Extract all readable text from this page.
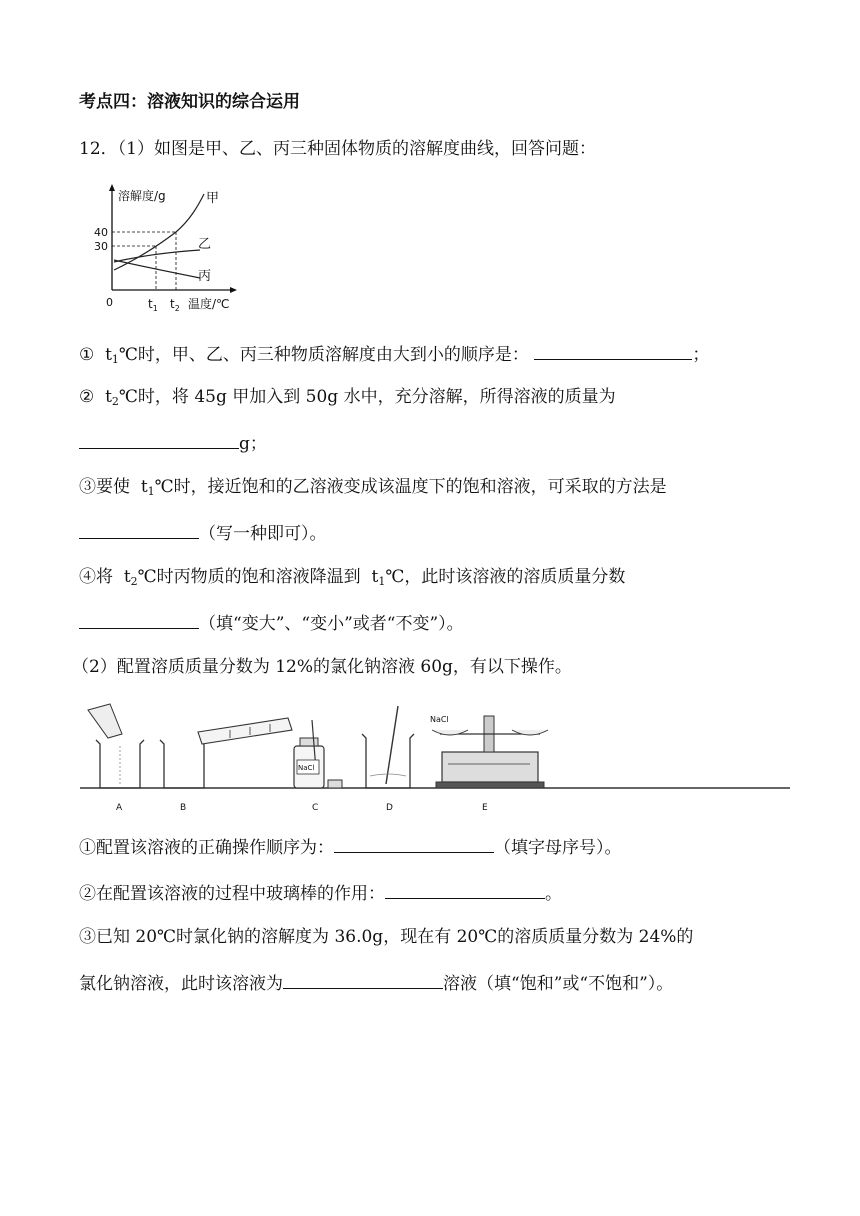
考点四：溶液知识的综合运用
12．（1）如图是甲、乙、丙三种固体物质的溶解度曲线，回答问题：
溶解度/g	甲
乙
丙
40
30
0	$t_1$ $t_2$ 温度/℃
① $t_1℃$时，甲、乙、丙三种物质溶解度由大到小的顺序是：	；
② $t_2℃$时，将 45g 甲加入到 50g 水中，充分溶解，所得溶液的质量为
g；
③要使 $t_1℃$时，接近饱和的乙溶液变成该温度下的饱和溶液，可采取的方法是
（写一种即可）。
④将 $t_2℃$时丙物质的饱和溶液降温到 $t_1℃$，此时该溶液的溶质质量分数
（填“变大”、“变小”或者“不变”）。
（2）配置溶质质量分数为 12%的氯化钠溶液 60g，有以下操作。
NaCl
NaCl
A	B	C	D	E
①配置该溶液的正确操作顺序为：	（填字母序号）。
②在配置该溶液的过程中玻璃棒的作用：	。
③已知 20℃时氯化钠的溶解度为 36.0g，现在有 20℃的溶质质量分数为 24%的
氯化钠溶液，此时该溶液为	溶液（填“饱和”或“不饱和”）。
